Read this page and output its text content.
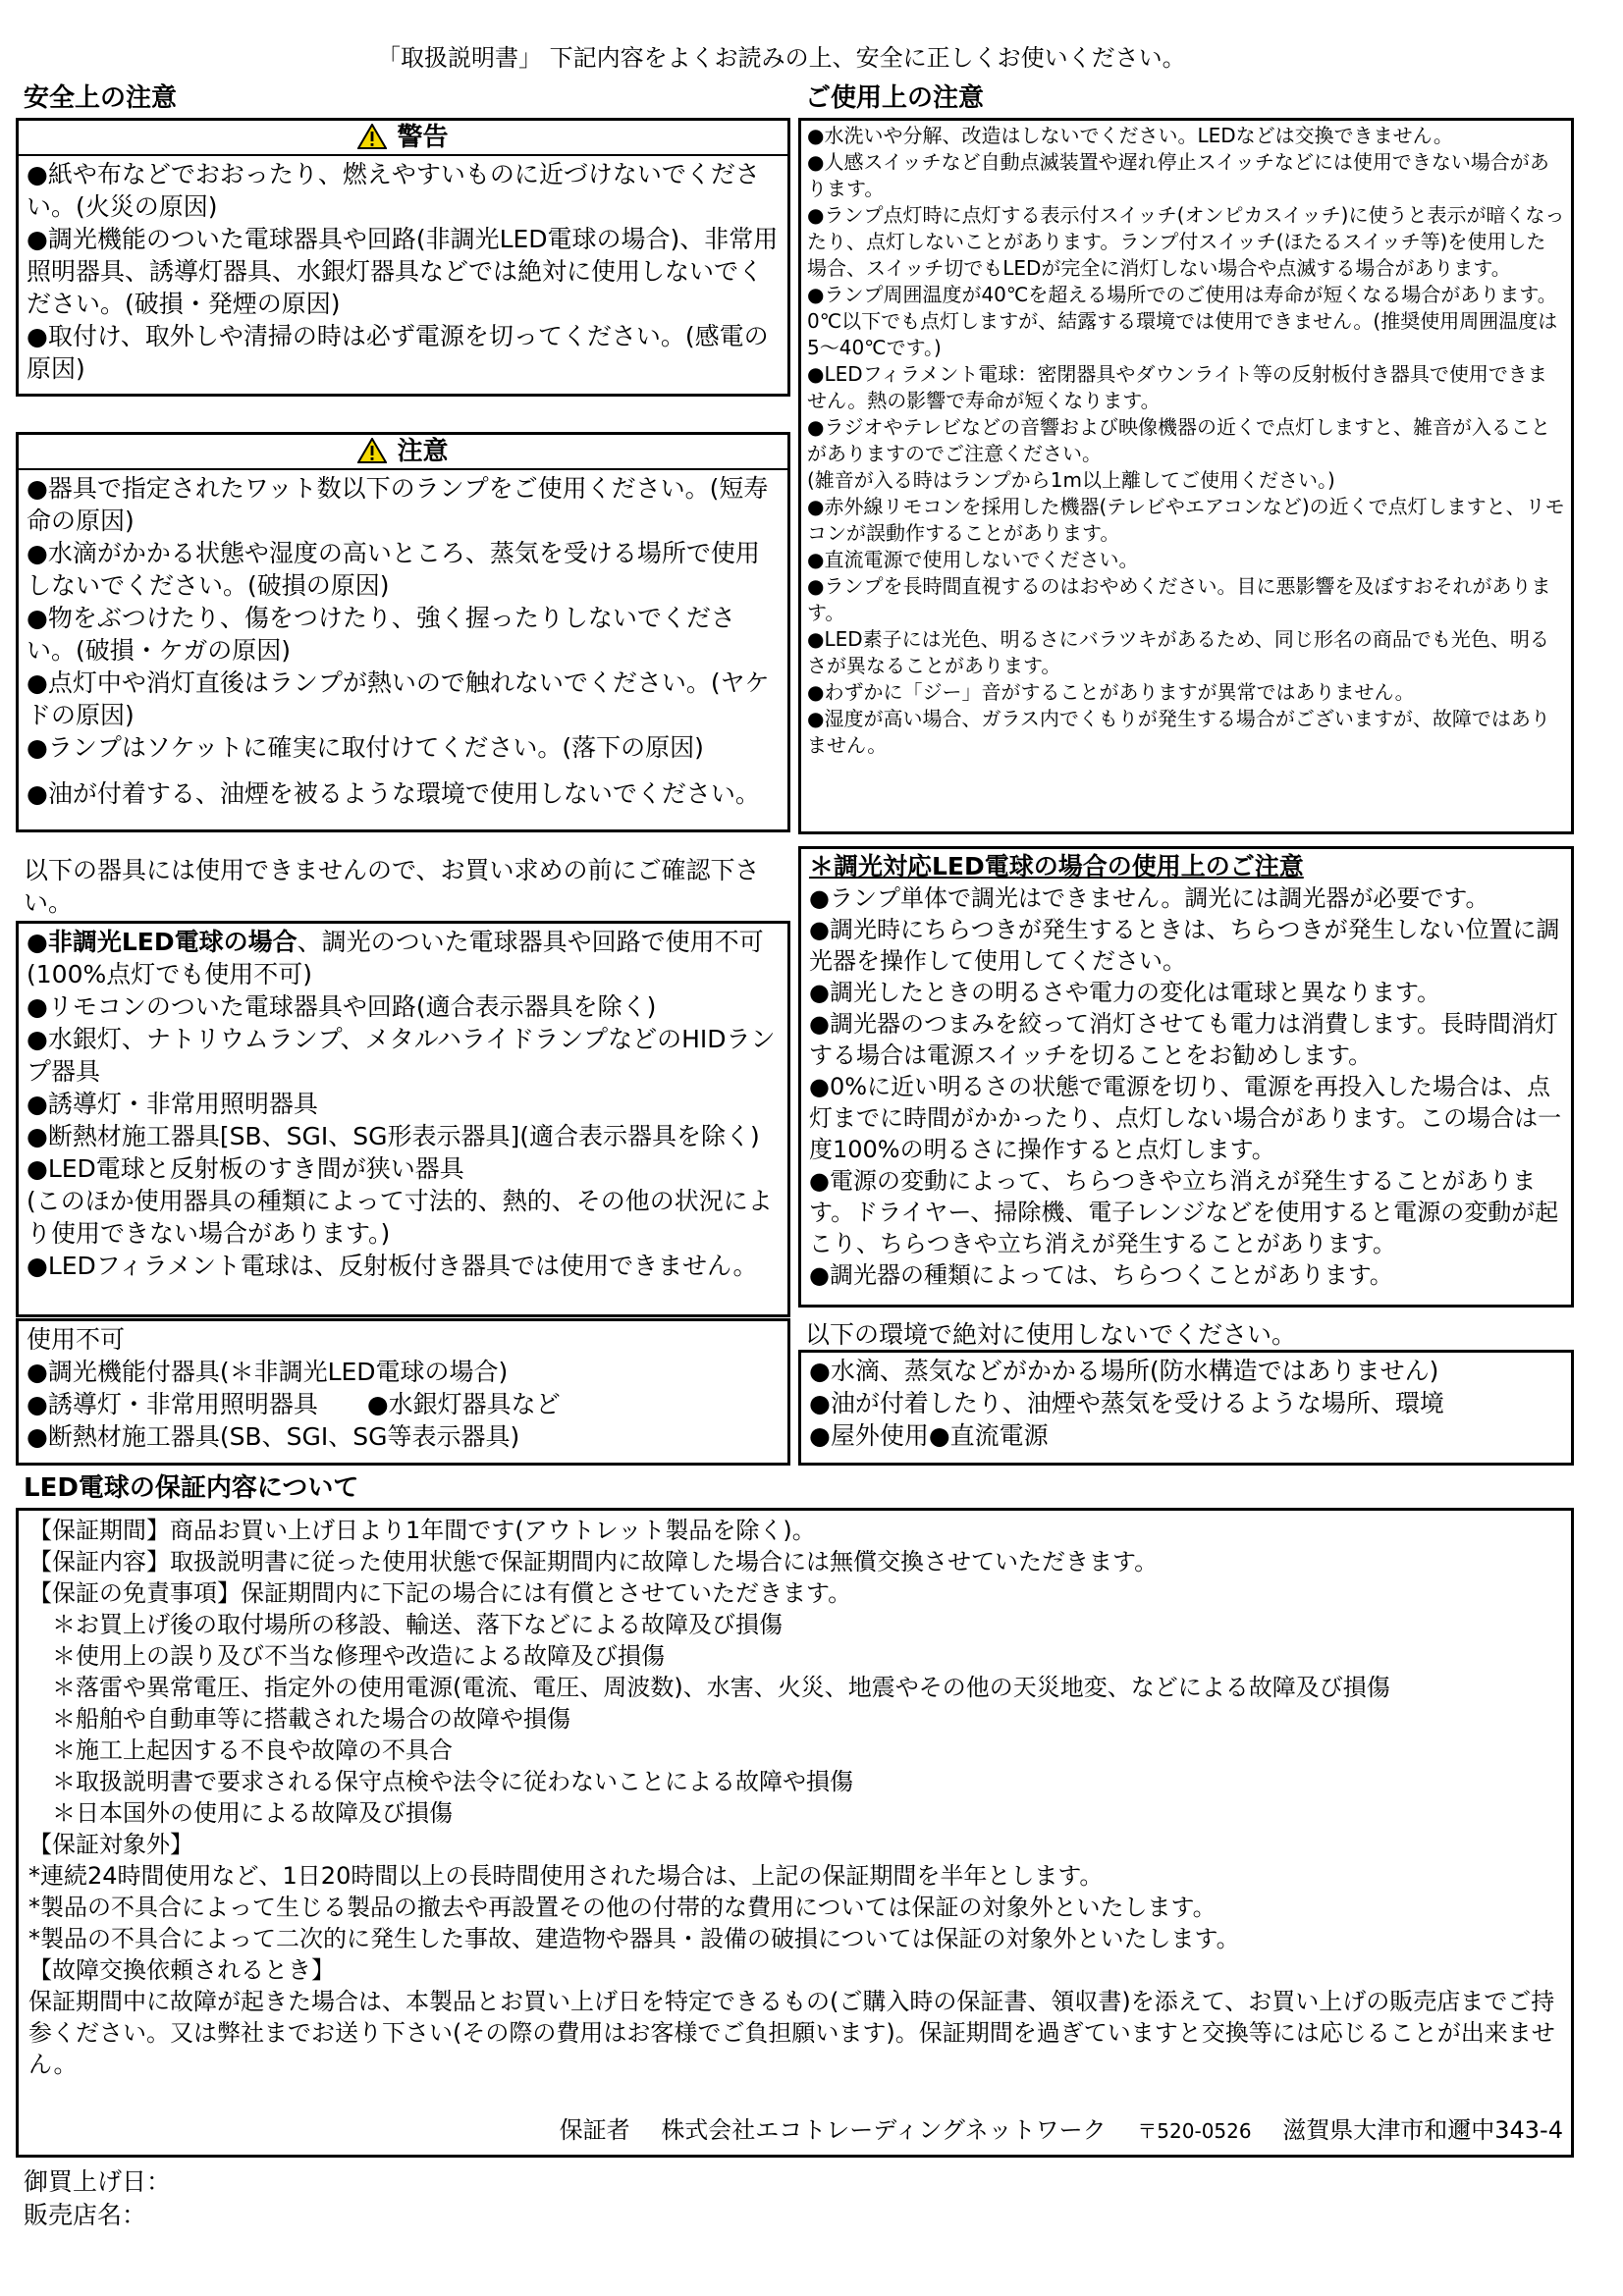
「取扱説明書」 下記内容をよくお読みの上、安全に正しくお使いください。
安全上の注意
警告
●紙や布などでおおったり、燃えやすいものに近づけないでください。(火災の原因)
●調光機能のついた電球器具や回路(非調光LED電球の場合)、非常用照明器具、誘導灯器具、水銀灯器具などでは絶対に使用しないでください。(破損・発煙の原因)
●取付け、取外しや清掃の時は必ず電源を切ってください。(感電の原因)
注意
●器具で指定されたワット数以下のランプをご使用ください。(短寿命の原因)
●水滴がかかる状態や湿度の高いところ、蒸気を受ける場所で使用しないでください。(破損の原因)
●物をぶつけたり、傷をつけたり、強く握ったりしないでください。(破損・ケガの原因)
●点灯中や消灯直後はランプが熱いので触れないでください。(ヤケドの原因)
●ランプはソケットに確実に取付けてください。(落下の原因)
●油が付着する、油煙を被るような環境で使用しないでください。
以下の器具には使用できませんので、お買い求めの前にご確認下さい。
●非調光LED電球の場合、調光のついた電球器具や回路で使用不可(100%点灯でも使用不可)
●リモコンのついた電球器具や回路(適合表示器具を除く)
●水銀灯、ナトリウムランプ、メタルハライドランプなどのHIDランプ器具
●誘導灯・非常用照明器具
●断熱材施工器具[SB、SGI、SG形表示器具](適合表示器具を除く)
●LED電球と反射板のすき間が狭い器具
(このほか使用器具の種類によって寸法的、熱的、その他の状況により使用できない場合があります。)
●LEDフィラメント電球は、反射板付き器具では使用できません。
使用不可
●調光機能付器具(＊非調光LED電球の場合)
●誘導灯・非常用照明器具　　●水銀灯器具など
●断熱材施工器具(SB、SGI、SG等表示器具)
ご使用上の注意
●水洗いや分解、改造はしないでください。LEDなどは交換できません。
●人感スイッチなど自動点滅装置や遅れ停止スイッチなどには使用できない場合があります。
●ランプ点灯時に点灯する表示付スイッチ(オンピカスイッチ)に使うと表示が暗くなったり、点灯しないことがあります。ランプ付スイッチ(ほたるスイッチ等)を使用した場合、スイッチ切でもLEDが完全に消灯しない場合や点滅する場合があります。
●ランプ周囲温度が40℃を超える場所でのご使用は寿命が短くなる場合があります。0℃以下でも点灯しますが、結露する環境では使用できません。(推奨使用周囲温度は5～40℃です。)
●LEDフィラメント電球：密閉器具やダウンライト等の反射板付き器具で使用できません。熱の影響で寿命が短くなります。
●ラジオやテレビなどの音響および映像機器の近くで点灯しますと、雑音が入ることがありますのでご注意ください。
(雑音が入る時はランプから1m以上離してご使用ください。)
●赤外線リモコンを採用した機器(テレビやエアコンなど)の近くで点灯しますと、リモコンが誤動作することがあります。
●直流電源で使用しないでください。
●ランプを長時間直視するのはおやめください。目に悪影響を及ぼすおそれがあります。
●LED素子には光色、明るさにバラツキがあるため、同じ形名の商品でも光色、明るさが異なることがあります。
●わずかに「ジー」音がすることがありますが異常ではありません。
●湿度が高い場合、ガラス内でくもりが発生する場合がございますが、故障ではありません。
＊調光対応LED電球の場合の使用上のご注意
●ランプ単体で調光はできません。調光には調光器が必要です。
●調光時にちらつきが発生するときは、ちらつきが発生しない位置に調光器を操作して使用してください。
●調光したときの明るさや電力の変化は電球と異なります。
●調光器のつまみを絞って消灯させても電力は消費します。長時間消灯する場合は電源スイッチを切ることをお勧めします。
●0%に近い明るさの状態で電源を切り、電源を再投入した場合は、点灯までに時間がかかったり、点灯しない場合があります。この場合は一度100%の明るさに操作すると点灯します。
●電源の変動によって、ちらつきや立ち消えが発生することがあります。ドライヤー、掃除機、電子レンジなどを使用すると電源の変動が起こり、ちらつきや立ち消えが発生することがあります。
●調光器の種類によっては、ちらつくことがあります。
以下の環境で絶対に使用しないでください。
●水滴、蒸気などがかかる場所(防水構造ではありません)
●油が付着したり、油煙や蒸気を受けるような場所、環境
●屋外使用●直流電源
LED電球の保証内容について
【保証期間】商品お買い上げ日より1年間です(アウトレット製品を除く)。
【保証内容】取扱説明書に従った使用状態で保証期間内に故障した場合には無償交換させていただきます。
【保証の免責事項】保証期間内に下記の場合には有償とさせていただきます。
　＊お買上げ後の取付場所の移設、輸送、落下などによる故障及び損傷
　＊使用上の誤り及び不当な修理や改造による故障及び損傷
　＊落雷や異常電圧、指定外の使用電源(電流、電圧、周波数)、水害、火災、地震やその他の天災地変、などによる故障及び損傷
　＊船舶や自動車等に搭載された場合の故障や損傷
　＊施工上起因する不良や故障の不具合
　＊取扱説明書で要求される保守点検や法令に従わないことによる故障や損傷
　＊日本国外の使用による故障及び損傷
【保証対象外】
*連続24時間使用など、1日20時間以上の長時間使用された場合は、上記の保証期間を半年とします。
*製品の不具合によって生じる製品の撤去や再設置その他の付帯的な費用については保証の対象外といたします。
*製品の不具合によって二次的に発生した事故、建造物や器具・設備の破損については保証の対象外といたします。
【故障交換依頼されるとき】
保証期間中に故障が起きた場合は、本製品とお買い上げ日を特定できるもの(ご購入時の保証書、領収書)を添えて、お買い上げの販売店までご持参ください。又は弊社までお送り下さい(その際の費用はお客様でご負担願います)。保証期間を過ぎていますと交換等には応じることが出来ません。
保証者　 株式会社エコトレーディングネットワーク　 〒520-0526　 滋賀県大津市和邇中343-4
御買上げ日：
販売店名：
